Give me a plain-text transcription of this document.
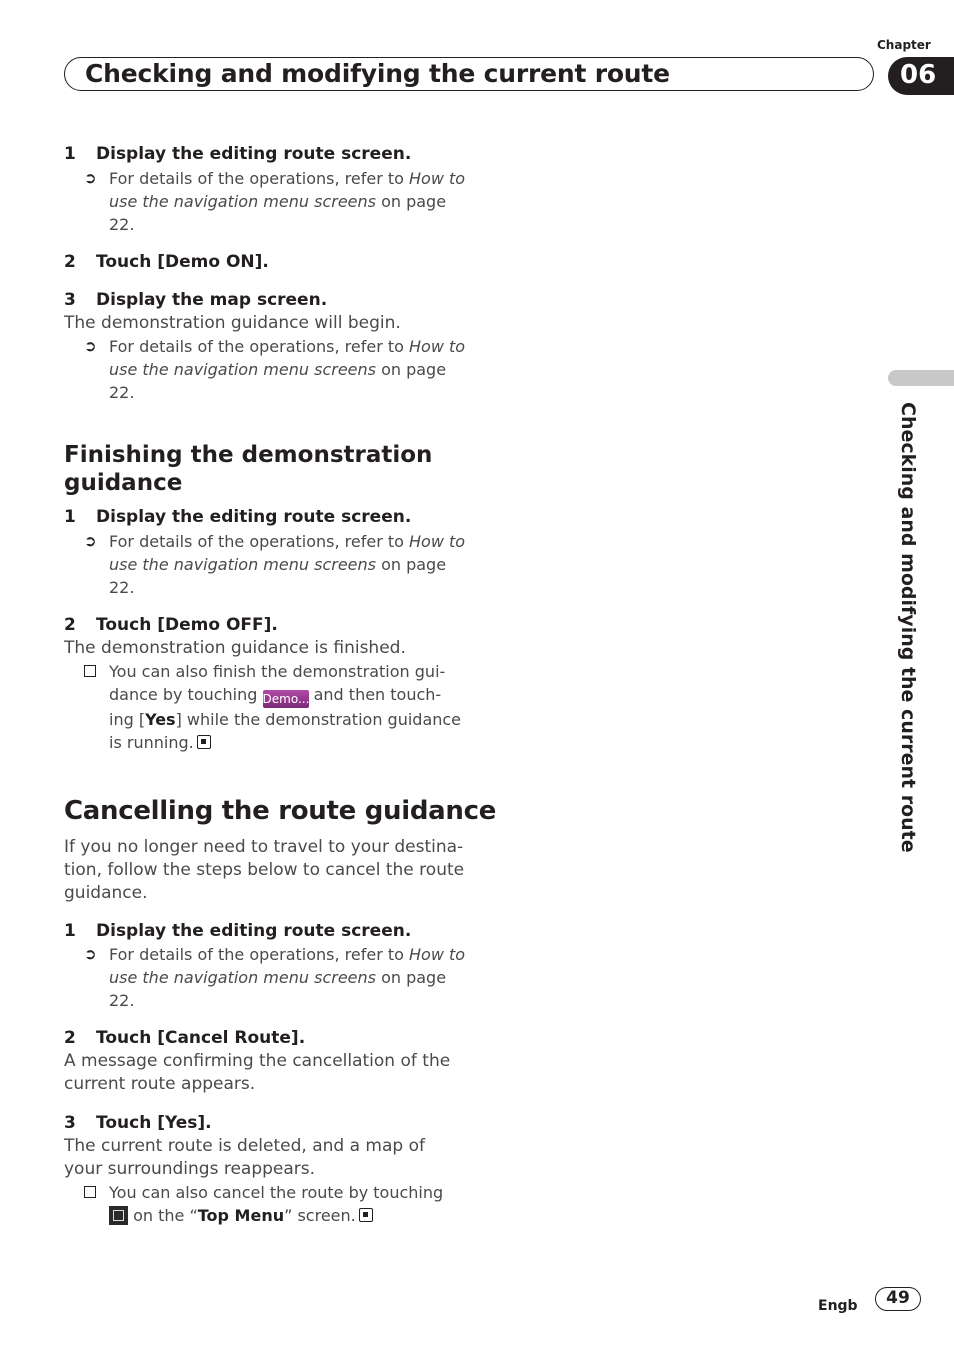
Chapter
Checking and modifying the current route	06
Checking and modifying the current route
1 Display the editing route screen.
➲ For details of the operations, refer to How to
use the navigation menu screens on page
22.
2 Touch [Demo ON].
3 Display the map screen.
The demonstration guidance will begin.
➲ For details of the operations, refer to How to
use the navigation menu screens on page
22.
Finishing the demonstration
guidance
1 Display the editing route screen.
➲ For details of the operations, refer to How to
use the navigation menu screens on page
22.
2 Touch [Demo OFF].
The demonstration guidance is finished.
You can also finish the demonstration gui-
dance by touching Demo... and then touch-
ing [Yes] while the demonstration guidance
is running.
Cancelling the route guidance
If you no longer need to travel to your destina-
tion, follow the steps below to cancel the route
guidance.
1 Display the editing route screen.
➲ For details of the operations, refer to How to
use the navigation menu screens on page
22.
2 Touch [Cancel Route].
A message confirming the cancellation of the
current route appears.
3 Touch [Yes].
The current route is deleted, and a map of
your surroundings reappears.
You can also cancel the route by touching
on the “Top Menu” screen.
Engb	49
